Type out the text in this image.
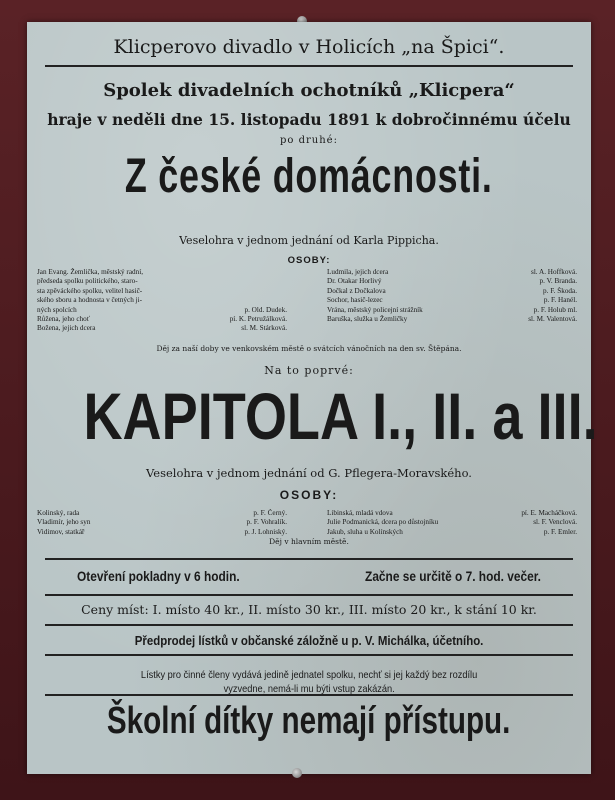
Klicperovo divadlo v Holicích „na Špici“.
Spolek divadelních ochotníků „Klicpera“
hraje v neděli dne 15. listopadu 1891 k dobročinnému účelu
po druhé:
Z české domácnosti.
Veselohra v jednom jednání od Karla Pippicha.
OSOBY:
Jan Evang. Žemlička, městský radní,
předseda spolku politického, staro-
sta zpěváckého spolku, velitel hasič-
ského sboru a hodnosta v četných ji-
ných spolcích	p. Old. Dudek.
Růžena, jeho choť	pí. K. Petružálková.
Božena, jejich dcera	sl. M. Stárková.
Ludmila, jejich dcera	sl. A. Hoffková.
Dr. Otakar Horlivý	p. V. Branda.
Dočkal z Dočkalova	p. F. Škoda.
Sochor, hasič-lezec	p. F. Hanél.
Vrána, městský policejní strážník	p. F. Holub ml.
Baruška, služka u Žemličky	sl. M. Valentová.
Děj za naší doby ve venkovském městě o svátcích vánočních na den sv. Štěpána.
Na to poprvé:
KAPITOLA I., II. a III.
Veselohra v jednom jednání od G. Pflegera-Moravského.
OSOBY:
Kolinský, rada	p. F. Černý.
Vladimír, jeho syn	p. F. Vohralík.
Vidimov, statkář	p. J. Lohniský.
Libinská, mladá vdova	pí. E. Macháčková.
Julie Podmanická, dcera po důstojníku	sl. F. Venclová.
Jakub, sluha u Kolínských	p. F. Emler.
Děj v hlavním městě.
Otevření pokladny v 6 hodin.	Začne se určitě o 7. hod. večer.
Ceny míst: I. místo 40 kr., II. místo 30 kr., III. místo 20 kr., k stání 10 kr.
Předprodej lístků v občanské záložně u p. V. Michálka, účetního.
Lístky pro činné členy vydává jedině jednatel spolku, nechť si jej každý bez rozdílu
vyzvedne, nemá-li mu býti vstup zakázán.
Školní dítky nemají přístupu.
